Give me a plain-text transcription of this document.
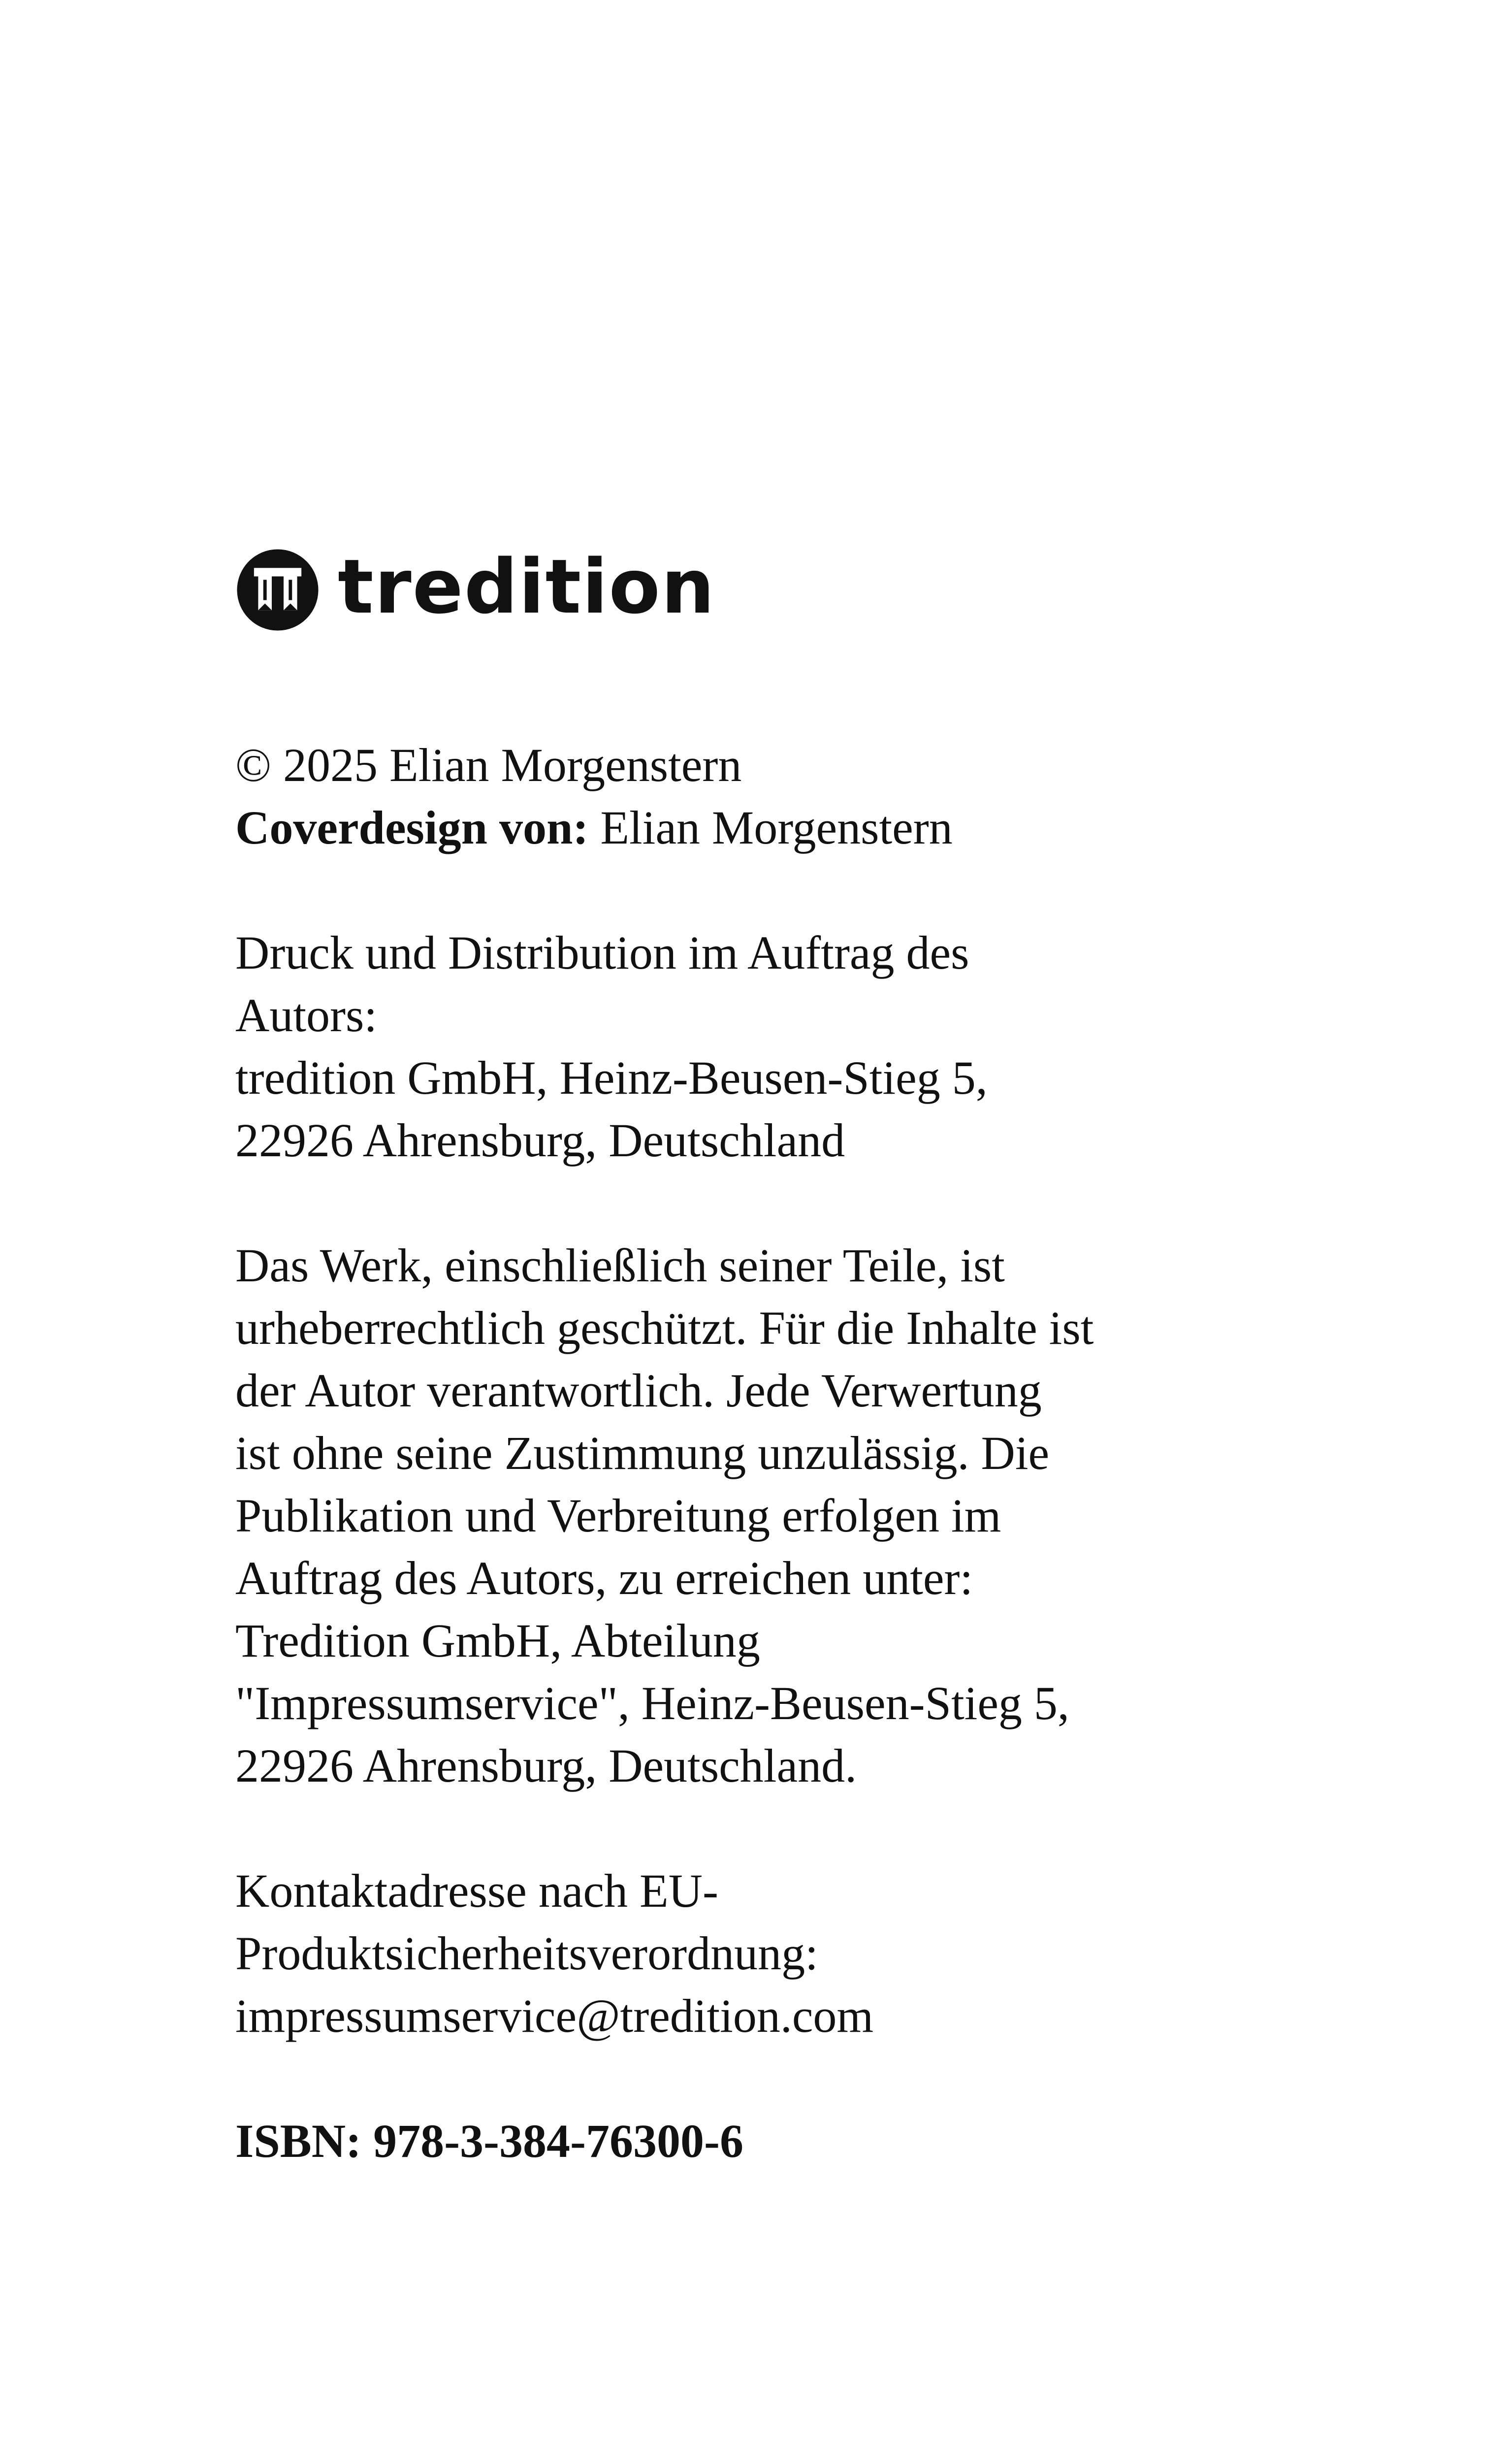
tredition
© 2025 Elian Morgenstern
Coverdesign von: Elian Morgenstern
Druck und Distribution im Auftrag des
Autors:
tredition GmbH, Heinz-Beusen-Stieg 5,
22926 Ahrensburg, Deutschland
Das Werk, einschließlich seiner Teile, ist
urheberrechtlich geschützt. Für die Inhalte ist
der Autor verantwortlich. Jede Verwertung
ist ohne seine Zustimmung unzulässig. Die
Publikation und Verbreitung erfolgen im
Auftrag des Autors, zu erreichen unter:
Tredition GmbH, Abteilung
"Impressumservice", Heinz-Beusen-Stieg 5,
22926 Ahrensburg, Deutschland.
Kontaktadresse nach EU-
Produktsicherheitsverordnung:
impressumservice@tredition.com
ISBN: 978-3-384-76300-6
